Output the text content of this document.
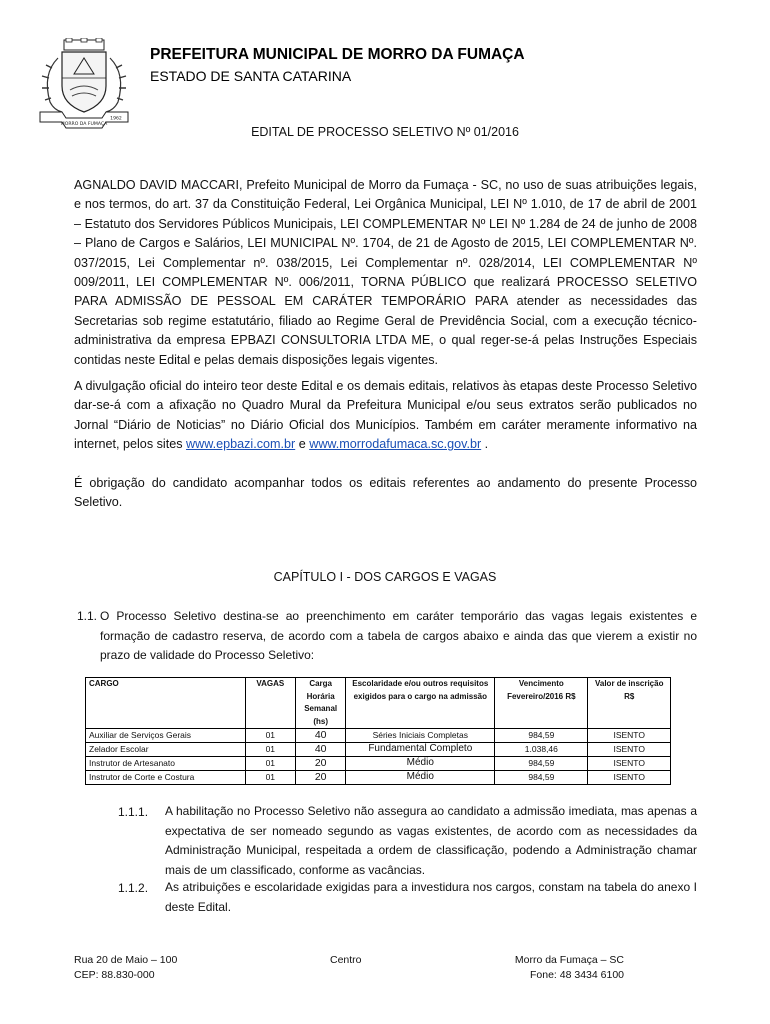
MORRO DA FUMAÇA
1962
PREFEITURA MUNICIPAL DE MORRO DA FUMAÇA
ESTADO DE SANTA CATARINA
EDITAL DE PROCESSO SELETIVO Nº 01/2016

AGNALDO DAVID MACCARI, Prefeito Municipal de Morro da Fumaça - SC, no uso de suas atribuições legais, e nos termos, do art. 37 da Constituição Federal, Lei Orgânica Municipal, LEI Nº 1.010, de 17 de abril de 2001 – Estatuto dos Servidores Públicos Municipais, LEI COMPLEMENTAR Nº LEI Nº 1.284 de 24 de junho de 2008 – Plano de Cargos e Salários, LEI MUNICIPAL Nº. 1704, de 21 de Agosto de 2015, LEI COMPLEMENTAR Nº. 037/2015, Lei Complementar nº. 038/2015, Lei Complementar nº. 028/2014, LEI COMPLEMENTAR Nº 009/2011, LEI COMPLEMENTAR Nº. 006/2011, TORNA PÚBLICO que realizará PROCESSO SELETIVO PARA ADMISSÃO DE PESSOAL EM CARÁTER TEMPORÁRIO PARA atender as necessidades das Secretarias sob regime estatutário, filiado ao Regime Geral de Previdência Social, com a execução técnico-administrativa da empresa EPBAZI CONSULTORIA LTDA ME, o qual reger-se-á pelas Instruções Especiais contidas neste Edital e pelas demais disposições legais vigentes.

A divulgação oficial do inteiro teor deste Edital e os demais editais, relativos às etapas deste Processo Seletivo dar-se-á com a afixação no Quadro Mural da Prefeitura Municipal e/ou seus extratos serão publicados no Jornal “Diário de Noticias” no Diário Oficial dos Municípios. Também em caráter meramente informativo na internet, pelos sites www.epbazi.com.br e www.morrodafumaca.sc.gov.br .

É obrigação do candidato acompanhar todos os editais referentes ao andamento do presente Processo Seletivo.

CAPÍTULO I - DOS CARGOS E VAGAS
1.1. O Processo Seletivo destina-se ao preenchimento em caráter temporário das vagas legais existentes e formação de cadastro reserva, de acordo com a tabela de cargos abaixo e ainda das que vierem a existir no prazo de validade do Processo Seletivo:

CARGO	VAGAS	Carga Horária Semanal (hs)	Escolaridade e/ou outros requisitos exigidos para o cargo na admissão	Vencimento Fevereiro/2016 R$	Valor de inscrição R$
Auxiliar de Serviços Gerais	01	40	Séries Iniciais Completas	984,59	ISENTO
Zelador Escolar	01	40	Fundamental Completo	1.038,46	ISENTO
Instrutor de Artesanato	01	20	Médio	984,59	ISENTO
Instrutor de Corte e Costura	01	20	Médio	984,59	ISENTO
1.1.1. A habilitação no Processo Seletivo não assegura ao candidato a admissão imediata, mas apenas a expectativa de ser nomeado segundo as vagas existentes, de acordo com as necessidades da Administração Municipal, respeitada a ordem de classificação, podendo a Administração chamar mais de um classificado, conforme as vacâncias.

1.1.2. As atribuições e escolaridade exigidas para a investidura nos cargos, constam na tabela do anexo I deste Edital.

Rua 20 de Maio – 100
CEP: 88.830-000
Centro	Morro da Fumaça – SC
Fone: 48 3434 6100
